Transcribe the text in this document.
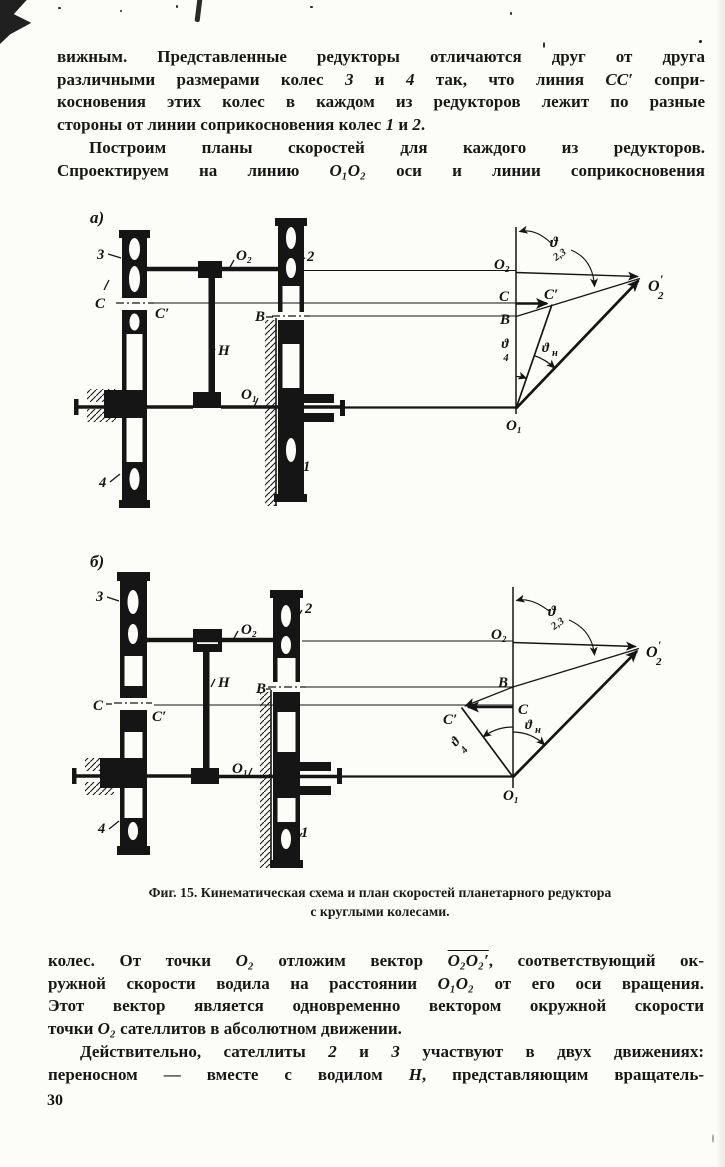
вижным. Представленные редукторы отличаются друг от друга
различными размерами колес 3 и 4 так, что линия CC′ сопри-
косновения этих колес в каждом из редукторов лежит по разные
стороны от линии соприкосновения колес 1 и 2.
Построим планы скоростей для каждого из редукторов.
Спроектируем на линию O₁O₂ оси и линии соприкосновения
а)
3
C
C′
4
H
O₂	2
B
O₁
1
O₂
C
B
ϑ
4
O₁
C′
ϑ
2,3
ϑ н
O ′
2
б)
3
C
C′
4
H
O₂
2
B
O₁
1
O₂
B
C
C′
ϑ
4
O₁
ϑ
2,3
ϑ н
O ′
2
Фиг. 15. Кинематическая схема и план скоростей планетарного редуктора
с круглыми колесами.
колес. От точки O₂ отложим вектор O₂O₂′, соответствующий ок-
ружной скорости водила на расстоянии O₁O₂ от его оси вращения.
Этот вектор является одновременно вектором окружной скорости
точки O₂ сателлитов в абсолютном движении.
Действительно, сателлиты 2 и 3 участвуют в двух движениях:
переносном — вместе с водилом H, представляющим вращатель-
30
